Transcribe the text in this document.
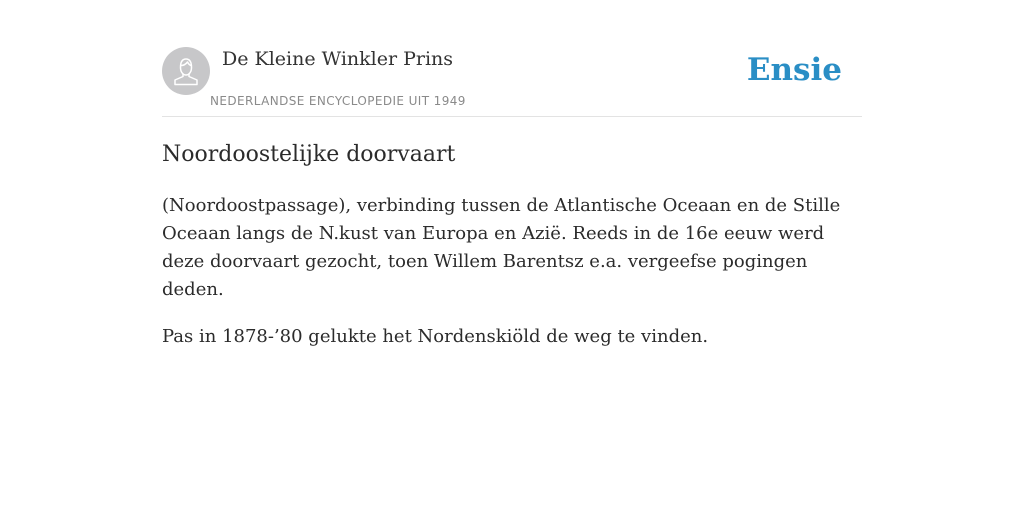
De Kleine Winkler Prins
NEDERLANDSE ENCYCLOPEDIE UIT 1949
Ensie
Noordoostelijke doorvaart

(Noordoostpassage), verbinding tussen de Atlantische Oceaan en de Stille Oceaan langs de N.kust van Europa en Azië. Reeds in de 16e eeuw werd deze doorvaart gezocht, toen Willem Barentsz e.a. vergeefse pogingen deden.

Pas in 1878-’80 gelukte het Nordenskiöld de weg te vinden.
